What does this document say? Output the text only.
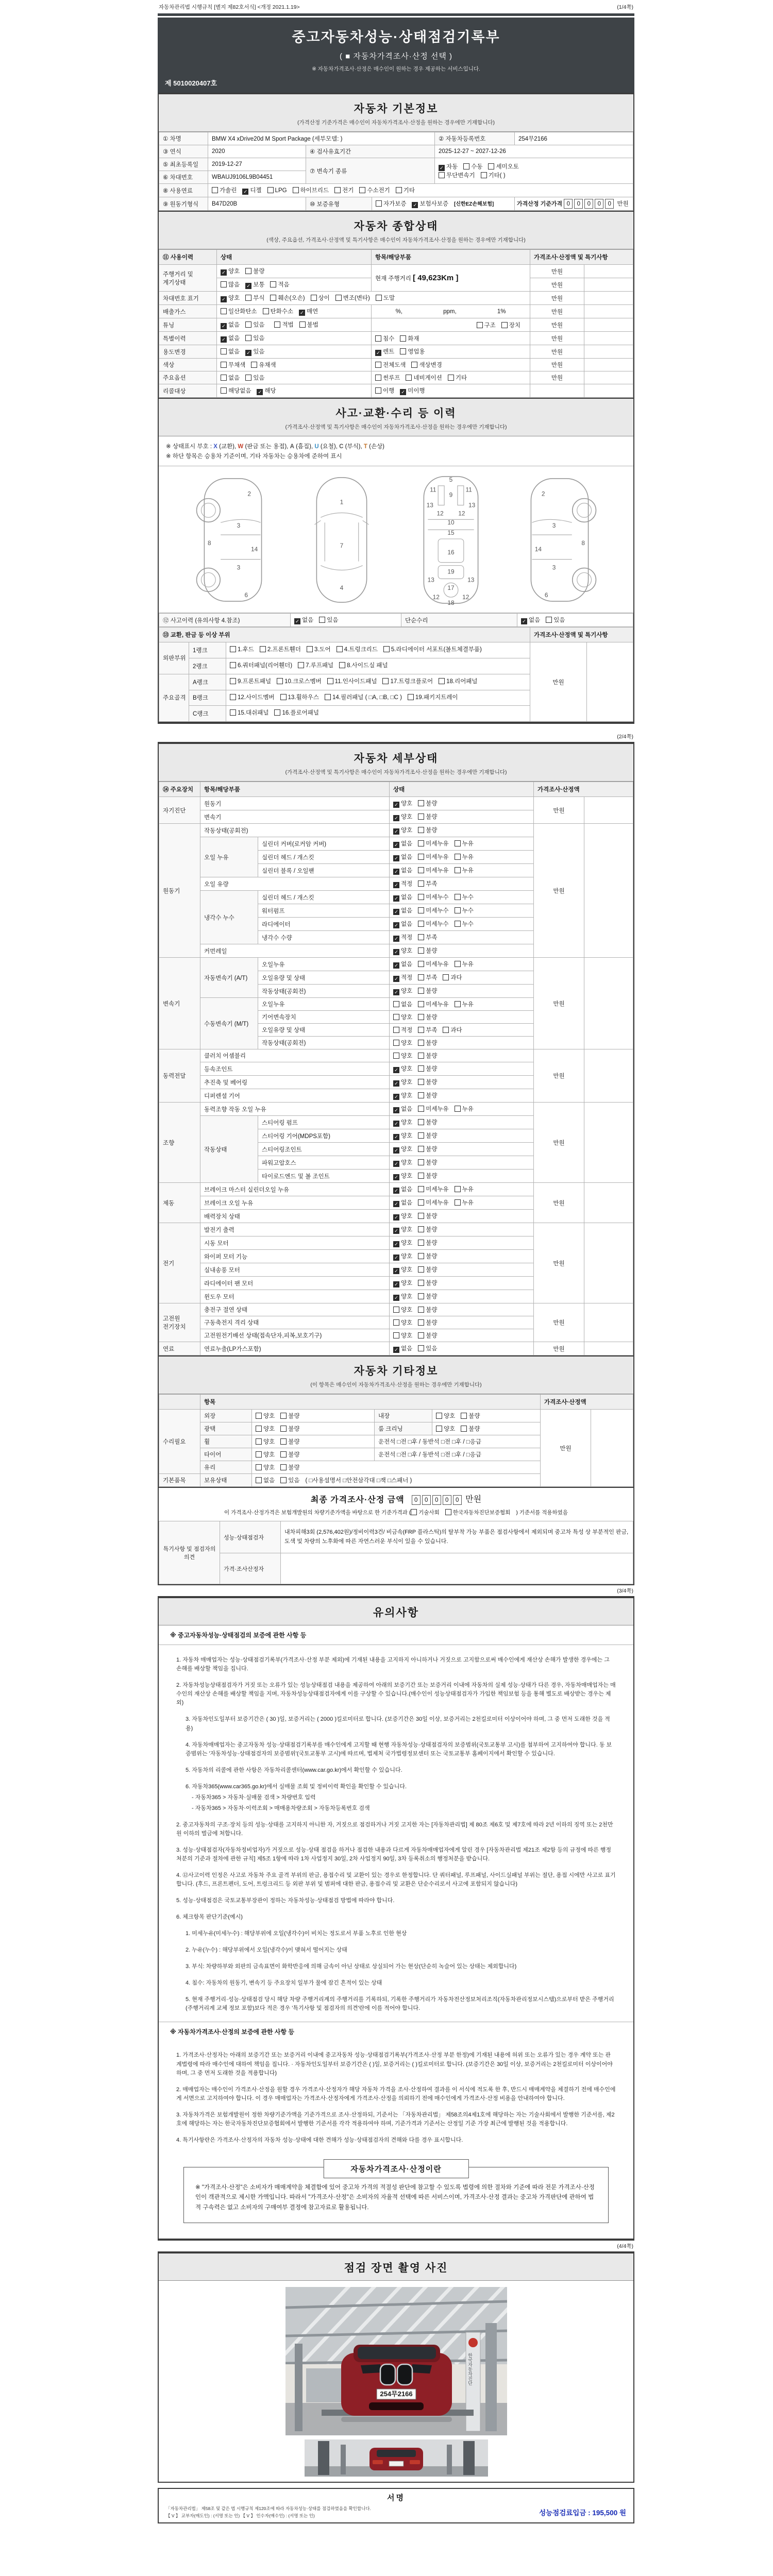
자동차관리법 시행규칙 [별지 제82호서식] <개정 2021.1.19>	(1/4쪽)
중고자동차성능·상태점검기록부
( ■ 자동차가격조사·산정 선택 )
※ 자동차가격조사·산정은 매수인이 원하는 경우 제공하는 서비스입니다.
제 5010020407호
자동차 기본정보
(가격산정 기준가격은 매수인이 자동차가격조사·산정을 원하는 경우에만 기재합니다)
① 차명	BMW X4 xDrive20d M Sport Package (세부모델: )			② 자동차등록번호	254무2166
③ 연식	2020	④ 검사유효기간		2025-12-27 ~ 2027-12-26	
⑤ 최초등록일	2019-12-27	⑦ 변속기 종류		✓ 자동 수동 세미오토
무단변속기 기타( )	
⑥ 차대번호	WBAUJ9106L9B04451				
⑧ 사용연료	가솔린 ✓ 디젤 LPG 하이브리드 전기 수소전기 기타				
⑨ 원동기형식	B47D20B	⑩ 보증유형	자가보증 ✓ 보험사보증 [신한EZ손해보험]		가격산정 기준가격 0 0 0 0 0 만원
자동차 종합상태
(색상, 주요옵션, 가격조사·산정액 및 특기사항은 매수인이 자동차가격조사·산정을 원하는 경우에만 기재합니다)
⑪ 사용이력	상태	항목/해당부품	가격조사·산정액 및 특기사항	
주행거리 및 계기상태	✓ 양호 불량	현재 주행거리 [ 49,623Km ]	만원	
	많음 ✓ 보통 적음		만원	
차대번호 표기	✓ 양호 부식 훼손(오손) 상이 변조(변타) 도말		만원	
배출가스	일산화탄소 탄화수소 ✓ 매연	%, ppm, 1%	만원	
튜닝	✓ 없음 있음 적법 불법	구조 장치	만원	
특별이력	✓ 없음 있음	침수 화재	만원	
용도변경	없음 ✓ 있음	✓ 렌트 영업용	만원	
색상	무채색 유채색	전체도색 색상변경	만원	
주요옵션	없음 있음	썬루프 네비게이션 기타	만원	
리콜대상	해당없음 ✓ 해당	이행 ✓ 미이행		
사고·교환·수리 등 이력
(가격조사·산정액 및 특기사항은 매수인이 자동차가격조사·산정을 원하는 경우에만 기재합니다)

※ 상태표시 부호 : X (교환), W (판금 또는 용접), A (흠집), U (요철), C (부식), T (손상)

※ 하단 항목은 승용차 기준이며, 기타 자동차는 승용차에 준하여 표시

2
8
3
14
3
6
1
7
4
5
11	11
9
13	13
12 12
10
15
16
19
13	13
17
12	12
18
2
8
3
14
3
6
⑫ 사고이력 (유의사항 4.참조)	✓ 없음 있음	단순수리	✓ 없음 있음
⑬ 교환, 판금 등 이상 부위			가격조사·산정액 및 특기사항	
외판부위	1랭크	1.후드 2.프론트휀더 3.도어 4.트렁크리드 5.라디에이터 서포트(볼트체결부품)	만원	
	2랭크	6.쿼터패널(리어휀더) 7.루프패널 8.사이드실 패널		
주요골격	A랭크	9.프론트패널 10.크로스멤버 11.인사이드패널 17.트렁크플로어 18.리어패널		
	B랭크	12.사이드멤버 13.휠하우스 14.필러패널 ( □A, □B, □C ) 19.패키지트레이		
	C랭크	15.대쉬패널 16.플로어패널		
(2/4쪽)
자동차 세부상태
(가격조사·산정액 및 특기사항은 매수인이 자동차가격조사·산정을 원하는 경우에만 기재합니다)
⑭ 주요장치	항목/해당부품		상태	가격조사·산정액	
자기진단	원동기		✓ 양호 불량	만원	
	변속기		✓ 양호 불량		
원동기	작동상태(공회전)		✓ 양호 불량	만원	
	오일 누유	실린더 커버(로커암 커버)	✓ 없음 미세누유 누유		
		실린더 헤드 / 개스킷	✓ 없음 미세누유 누유		
		실린더 블록 / 오일팬	✓ 없음 미세누유 누유		
	오일 유량		✓ 적정 부족		
	냉각수 누수	실린더 헤드 / 개스킷	✓ 없음 미세누수 누수		
		워터펌프	✓ 없음 미세누수 누수		
		라디에이터	✓ 없음 미세누수 누수		
		냉각수 수량	✓ 적정 부족		
	커먼레일		✓ 양호 불량		
변속기	자동변속기 (A/T)	오일누유	✓ 없음 미세누유 누유	만원	
		오일유량 및 상태	✓ 적정 부족 과다		
		작동상태(공회전)	✓ 양호 불량		
	수동변속기 (M/T)	오일누유	없음 미세누유 누유		
		기어변속장치	양호 불량		
		오일유량 및 상태	적정 부족 과다		
		작동상태(공회전)	양호 불량		
동력전달	클러치 어셈블리		양호 불량	만원	
	등속조인트		✓ 양호 불량		
	추진축 및 베어링		✓ 양호 불량		
	디퍼렌셜 기어		✓ 양호 불량		
조향	동력조향 작동 오일 누유		✓ 없음 미세누유 누유	만원	
	작동상태	스티어링 펌프	✓ 양호 불량		
		스티어링 기어(MDPS포함)	✓ 양호 불량		
		스티어링조인트	✓ 양호 불량		
		파워고압호스	✓ 양호 불량		
		타이로드엔드 및 볼 조인트	✓ 양호 불량		
제동	브레이크 마스터 실린더오일 누유		✓ 없음 미세누유 누유	만원	
	브레이크 오일 누유		✓ 없음 미세누유 누유		
	배력장치 상태		✓ 양호 불량		
전기	발전기 출력		✓ 양호 불량	만원	
	시동 모터		✓ 양호 불량		
	와이퍼 모터 기능		✓ 양호 불량		
	실내송풍 모터		✓ 양호 불량		
	라디에이터 팬 모터		✓ 양호 불량		
	윈도우 모터		✓ 양호 불량		
고전원 전기장치	충전구 절연 상태		양호 불량	만원	
	구동축전지 격리 상태		양호 불량		
	고전원전기배선 상태(접속단자,피복,보호기구)		양호 불량		
연료	연료누출(LP가스포함)		✓ 없음 있음	만원	
자동차 기타정보
(이 항목은 매수인이 자동차가격조사·산정을 원하는 경우에만 기재합니다)
	항목				가격조사·산정액	
수리필요	외장	양호 불량	내장	양호 불량	만원	
	광택	양호 불량	룸 크리닝	양호 불량		
	휠	양호 불량	운전석 □전 □후 / 동반석 □전 □후 / □응급			
	타이어	양호 불량	운전석 □전 □후 / 동반석 □전 □후 / □응급			
	유리	양호 불량				
기본품목	보유상태	없음 있음 ( □사용설명서 □안전삼각대 □잭 □스패너 )				
최종 가격조사·산정 금액	0 0 0 0 0 만원
이 가격조사·산정가격은 보험개발원의 차량기준가액을 바탕으로 한 기준가격과 ( 기술사회 한국자동차진단보증협회 ) 기준서를 적용하였음
특기사항 및 점검자의 의견	성능·상태점검자	내차피해3회 (2,576,402원)/정비이력3건/ 비금속(FRP 플라스틱)의 탈부착 가능 부품은 점검사항에서 제외되며 중고차 특성 상 부분적인 판금,도색 및 차량의 노후화에 따른 자연스러운 부식이 있을 수 있습니다.
	가격·조사산정자	
(3/4쪽)
유의사항
※ 중고자동차성능·상태점검의 보증에 관한 사항 등

1. 자동차 매매업자는 성능·상태점검기록부(가격조사·산정 부분 제외)에 기재된 내용을 고지하지 아니하거나 거짓으로 고지함으로써 매수인에게 재산상 손해가 발생한 경우에는 그 손해를 배상할 책임을 집니다.

2. 자동차성능상태점검자가 거짓 또는 오류가 있는 성능상태점검 내용을 제공하여 아래의 보증기간 또는 보증거리 이내에 자동차의 실제 성능·상태가 다른 경우, 자동차매매업자는 매수인의 재산상 손해를 배상할 책임을 지며, 자동차성능상태점검자에게 이를 구상할 수 있습니다.(매수인이 성능상태점검자가 가입한 책임보험 등을 통해 별도로 배상받는 경우는 제외)

3. 자동차인도일부터 보증기간은 ( 30 )일, 보증거리는 ( 2000 )킬로미터로 합니다. (보증기간은 30일 이상, 보증거리는 2천킬로미터 이상이어야 하며, 그 중 먼저 도래한 것을 적용)

4. 자동차매매업자는 중고자동차 성능·상태점검기록부를 매수인에게 고지할 때 현행 자동차성능·상태점검자의 보증범위(국토교통부 고시)를 첨부하여 고지하여야 합니다. 동 보증범위는 '자동차성능·상태점검자의 보증범위'(국토교통부 고시)에 따르며, 법제처 국가법령정보센터 또는 국토교통부 홈페이지에서 확인할 수 있습니다.

5. 자동차의 리콜에 관한 사항은 자동차리콜센터(www.car.go.kr)에서 확인할 수 있습니다.

6. 자동차365(www.car365.go.kr)에서 실매물 조회 및 정비이력 확인을 확인할 수 있습니다.

- 자동차365 > 자동차·실매물 검색 > 차량번호 입력

- 자동차365 > 자동차·이력조회 > 매매용차량조회 > 자동차등록번호 검색

2. 중고자동차의 구조·장치 등의 성능·상태를 고지하지 아니한 자, 거짓으로 점검하거나 거짓 고지한 자는 [자동차관리법] 제 80조 제6호 및 제7호에 따라 2년 이하의 징역 또는 2천만원 이하의 벌금에 처합니다.

3. 성능·상태점검자(자동차정비업자)가 거짓으로 성능·상태 점검을 하거나 점검한 내용과 다르게 자동차매매업자에게 알린 경우 [자동차관리법 제21조 제2항 등의 규정에 따른 행정처분의 기준과 절차에 관한 규칙] 제5조 1항에 따라 1차 사업정지 30일, 2차 사업정지 90일, 3차 등록취소의 행정처분을 받습니다.

4. ⑫사고이력 인정은 사고로 자동차 주요 골격 부위의 판금, 용접수리 및 교환이 있는 경우로 한정합니다. 단 쿼터패널, 루프패널, 사이드실패널 부위는 절단, 용접 시에만 사고로 표기합니다. (후드, 프론트펜더, 도어, 트렁크리드 등 외판 부위 및 범퍼에 대한 판금, 용접수리 및 교환은 단순수리로서 사고에 포함되지 않습니다)

5. 성능·상태점검은 국토교통부장관이 정하는 자동차성능·상태점검 방법에 따라야 합니다.

6. 체크항목 판단기준(예시)

1. 미세누유(미세누수) : 해당부위에 오일(냉각수)이 비치는 정도로서 부품 노후로 인한 현상

2. 누유(누수) : 해당부위에서 오일(냉각수)이 맺혀서 떨어지는 상태

3. 부식: 차량하부와 외판의 금속표면이 화학반응에 의해 금속이 아닌 상태로 상실되어 가는 현상(단순히 녹슬어 있는 상태는 제외합니다)

4. 침수: 자동차의 원동기, 변속기 등 주요장치 일부가 물에 잠긴 흔적이 있는 상태

5. 현재 주행거리·성능·상태점검 당시 해당 차량 주행거리계의 주행거리를 기록하되, 기록한 주행거리가 자동차전산정보처리조직(자동차관리정보시스템)으로부터 받은 주행거리(주행거리계 교체 정보 포함)보다 적은 경우 '특기사항 및 점검자의 의견'란에 이를 적어야 합니다.

※ 자동차가격조사·산정의 보증에 관한 사항 등

1. 가격조사·산정자는 아래의 보증기간 또는 보증거리 이내에 중고자동차 성능·상태점검기록부(가격조사·산정 부분 한정)에 기재된 내용에 허위 또는 오류가 있는 경우 계약 또는 관계법령에 따라 매수인에 대하여 책임을 집니다. · 자동차인도일부터 보증기간은 ( )일, 보증거리는 ( )킬로미터로 합니다. (보증기간은 30일 이상, 보증거리는 2천킬로미터 이상이어야 하며, 그 중 먼저 도래한 것을 적용합니다)

2. 매매업자는 매수인이 가격조사·산정을 원할 경우 가격조사·산정자가 해당 자동차 가격을 조사·산정하여 결과를 이 서식에 적도록 한 후, 반드시 매매계약을 체결하기 전에 매수인에게 서면으로 고지하여야 합니다. 이 경우 매매업자는 가격조사·산정자에게 가격조사·산정을 의뢰하기 전에 매수인에게 가격조사·산정 비용을 안내하여야 합니다.

3. 자동차가격은 보험개발원이 정한 차량기준가액을 기준가격으로 조사·산정하되, 기준서는 「자동차관리법」 제58조의4제1호에 해당하는 자는 기술사회에서 발행한 기준서를, 제2호에 해당하는 자는 한국자동차진단보증협회에서 발행한 기준서를 각각 적용하여야 하며, 기준가격과 기준서는 산정일 기준 가장 최근에 발행된 것을 적용합니다.

4. 특기사항란은 가격조사·산정자의 자동차 성능·상태에 대한 견해가 성능·상태점검자의 견해와 다를 경우 표시합니다.

자동차가격조사·산정이란
※ "가격조사·산정"은 소비자가 매매계약을 체결함에 있어 중고차 가격의 적절성 판단에 참고할 수 있도록 법령에 의한 절차와 기준에 따라 전문 가격조사·산정인이 객관적으로 제시한 가액입니다. 따라서 "가격조사·산정"은 소비자의 자율적 선택에 따른 서비스이며, 가격조사·산정 결과는 중고차 가격판단에 관하여 법적 구속력은 없고 소비자의 구매여부 결정에 참고자료로 활용됩니다.
(4/4쪽)
점검 장면 촬영 사진
한국자동차진단
254무2166
서명

「자동차관리법」 제58조 및 같은 법 시행규칙 제120조에 따라 자동차성능·상태를 점검하였음을 확인합니다.

【 V 】 교부자(매도인) : (서명 또는 인) 【 V 】 인수자(매수인) : (서명 또는 인)	성능점검료입금 : 195,500 원
